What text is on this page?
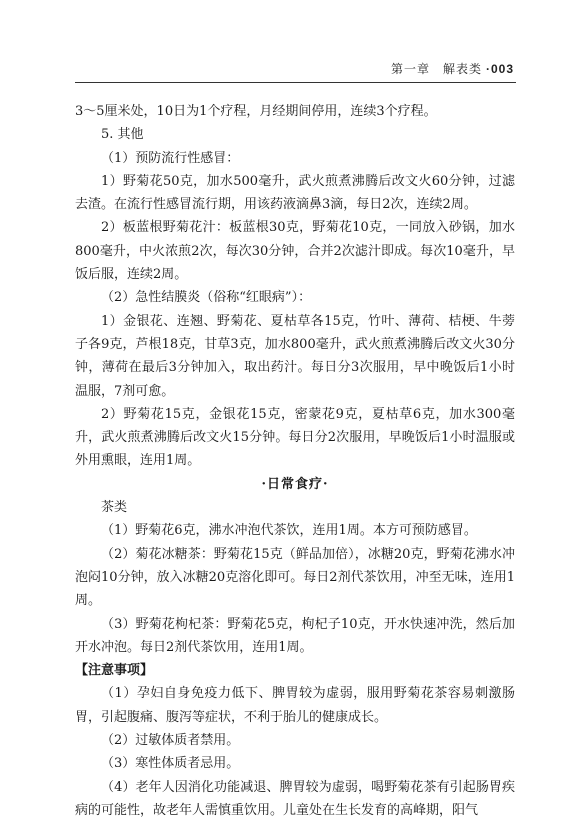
第一章　解表类 ·003

3～5厘米处，10日为1个疗程，月经期间停用，连续3个疗程。

5. 其他

（1）预防流行性感冒：

1）野菊花50克，加水500毫升，武火煎煮沸腾后改文火60分钟，过滤去渣。在流行性感冒流行期，用该药液滴鼻3滴，每日2次，连续2周。

2）板蓝根野菊花汁：板蓝根30克，野菊花10克，一同放入砂锅，加水800毫升，中火浓煎2次，每次30分钟，合并2次滤汁即成。每次10毫升，早饭后服，连续2周。

（2）急性结膜炎（俗称“红眼病”）：

1）金银花、连翘、野菊花、夏枯草各15克，竹叶、薄荷、桔梗、牛蒡子各9克，芦根18克，甘草3克，加水800毫升，武火煎煮沸腾后改文火30分钟，薄荷在最后3分钟加入，取出药汁。每日分3次服用，早中晚饭后1小时温服，7剂可愈。

2）野菊花15克，金银花15克，密蒙花9克，夏枯草6克，加水300毫升，武火煎煮沸腾后改文火15分钟。每日分2次服用，早晚饭后1小时温服或外用熏眼，连用1周。

·日常食疗·

茶类

（1）野菊花6克，沸水冲泡代茶饮，连用1周。本方可预防感冒。

（2）菊花冰糖茶：野菊花15克（鲜品加倍），冰糖20克，野菊花沸水冲泡闷10分钟，放入冰糖20克溶化即可。每日2剂代茶饮用，冲至无味，连用1周。

（3）野菊花枸杞茶：野菊花5克，枸杞子10克，开水快速冲洗，然后加开水冲泡。每日2剂代茶饮用，连用1周。

【注意事项】

（1）孕妇自身免疫力低下、脾胃较为虚弱，服用野菊花茶容易刺激肠胃，引起腹痛、腹泻等症状，不利于胎儿的健康成长。

（2）过敏体质者禁用。

（3）寒性体质者忌用。

（4）老年人因消化功能减退、脾胃较为虚弱，喝野菊花茶有引起肠胃疾病的可能性，故老年人需慎重饮用。儿童处在生长发育的高峰期，阳气
